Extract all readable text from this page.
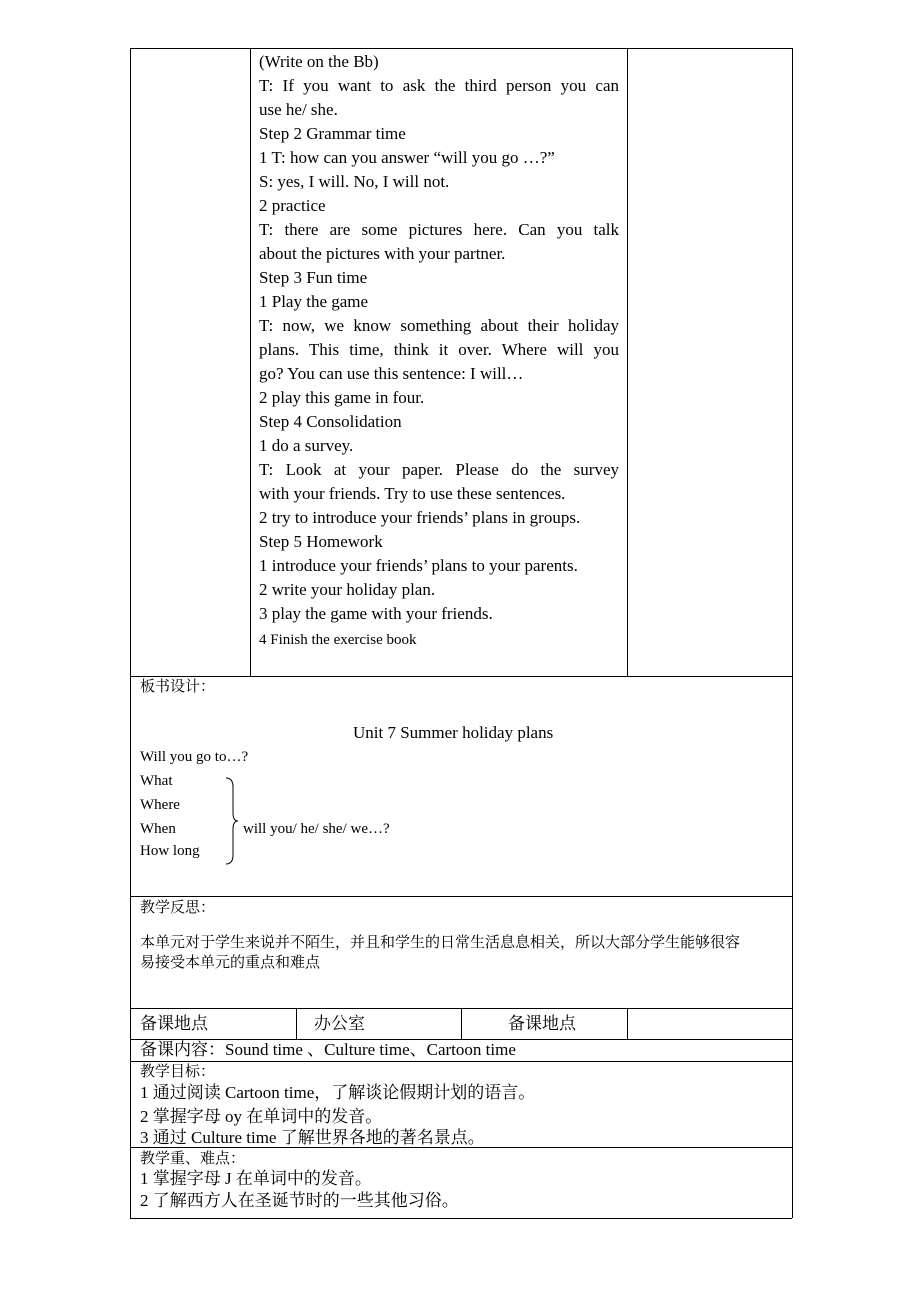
(Write on the Bb)
T: If you want to ask the third person you can
use he/ she.
Step 2 Grammar time
1 T: how can you answer “will you go …?”
S: yes, I will. No, I will not.
2 practice
T: there are some pictures here. Can you talk
about the pictures with your partner.
Step 3 Fun time
1 Play the game
T: now, we know something about their holiday
plans. This time, think it over. Where will you
go? You can use this sentence: I will…
2 play this game in four.
Step 4 Consolidation
1 do a survey.
T: Look at your paper. Please do the survey
with your friends. Try to use these sentences.
2 try to introduce your friends’ plans in groups.
Step 5 Homework
1 introduce your friends’ plans to your parents.
2 write your holiday plan.
3 play the game with your friends.
4 Finish the exercise book
板书设计：
Unit 7 Summer holiday plans
Will you go to…?
What
Where
When
How long
will you/ he/ she/ we…?
教学反思：
本单元对于学生来说并不陌生，并且和学生的日常生活息息相关，所以大部分学生能够很容
易接受本单元的重点和难点
备课地点	办公室	备课地点
备课内容：Sound time 、Culture time、Cartoon time
教学目标：
1 通过阅读 Cartoon time，了解谈论假期计划的语言。
2 掌握字母 oy 在单词中的发音。
3 通过 Culture time 了解世界各地的著名景点。
教学重、难点：
1 掌握字母 J 在单词中的发音。
2 了解西方人在圣诞节时的一些其他习俗。
